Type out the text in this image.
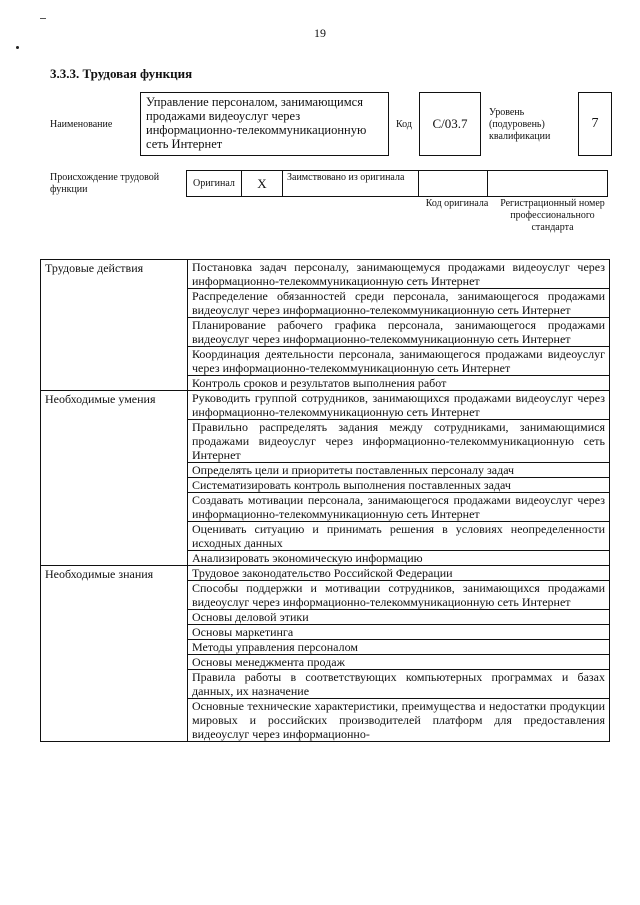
19
3.3.3. Трудовая функция
Наименование
Управление персоналом, занимающимся продажами видеоуслуг через информационно-телекоммуникационную сеть Интернет
Код	С/03.7
Уровень (подуровень) квалификации
7
Происхождение трудовой функции
Оригинал	X	Заимствовано из оригинала
Код оригинала	Регистрационный номер профессионального стандарта
Трудовые действия	Постановка задач персоналу, занимающемуся продажами видеоуслуг через информационно-телекоммуникационную сеть Интернет
	Распределение обязанностей среди персонала, занимающегося продажами видеоуслуг через информационно-телекоммуникационную сеть Интернет
	Планирование рабочего графика персонала, занимающегося продажами видеоуслуг через информационно-телекоммуникационную сеть Интернет
	Координация деятельности персонала, занимающегося продажами видеоуслуг через информационно-телекоммуникационную сеть Интернет
	Контроль сроков и результатов выполнения работ
Необходимые умения	Руководить группой сотрудников, занимающихся продажами видеоуслуг через информационно-телекоммуникационную сеть Интернет
	Правильно распределять задания между сотрудниками, занимающимися продажами видеоуслуг через информационно-телекоммуникационную сеть Интернет
	Определять цели и приоритеты поставленных персоналу задач
	Систематизировать контроль выполнения поставленных задач
	Создавать мотивации персонала, занимающегося продажами видеоуслуг через информационно-телекоммуникационную сеть Интернет
	Оценивать ситуацию и принимать решения в условиях неопределенности исходных данных
	Анализировать экономическую информацию
Необходимые знания	Трудовое законодательство Российской Федерации
	Способы поддержки и мотивации сотрудников, занимающихся продажами видеоуслуг через информационно-телекоммуникационную сеть Интернет
	Основы деловой этики
	Основы маркетинга
	Методы управления персоналом
	Основы менеджмента продаж
	Правила работы в соответствующих компьютерных программах и базах данных, их назначение
	Основные технические характеристики, преимущества и недостатки продукции мировых и российских производителей платформ для предоставления видеоуслуг через информационно-
